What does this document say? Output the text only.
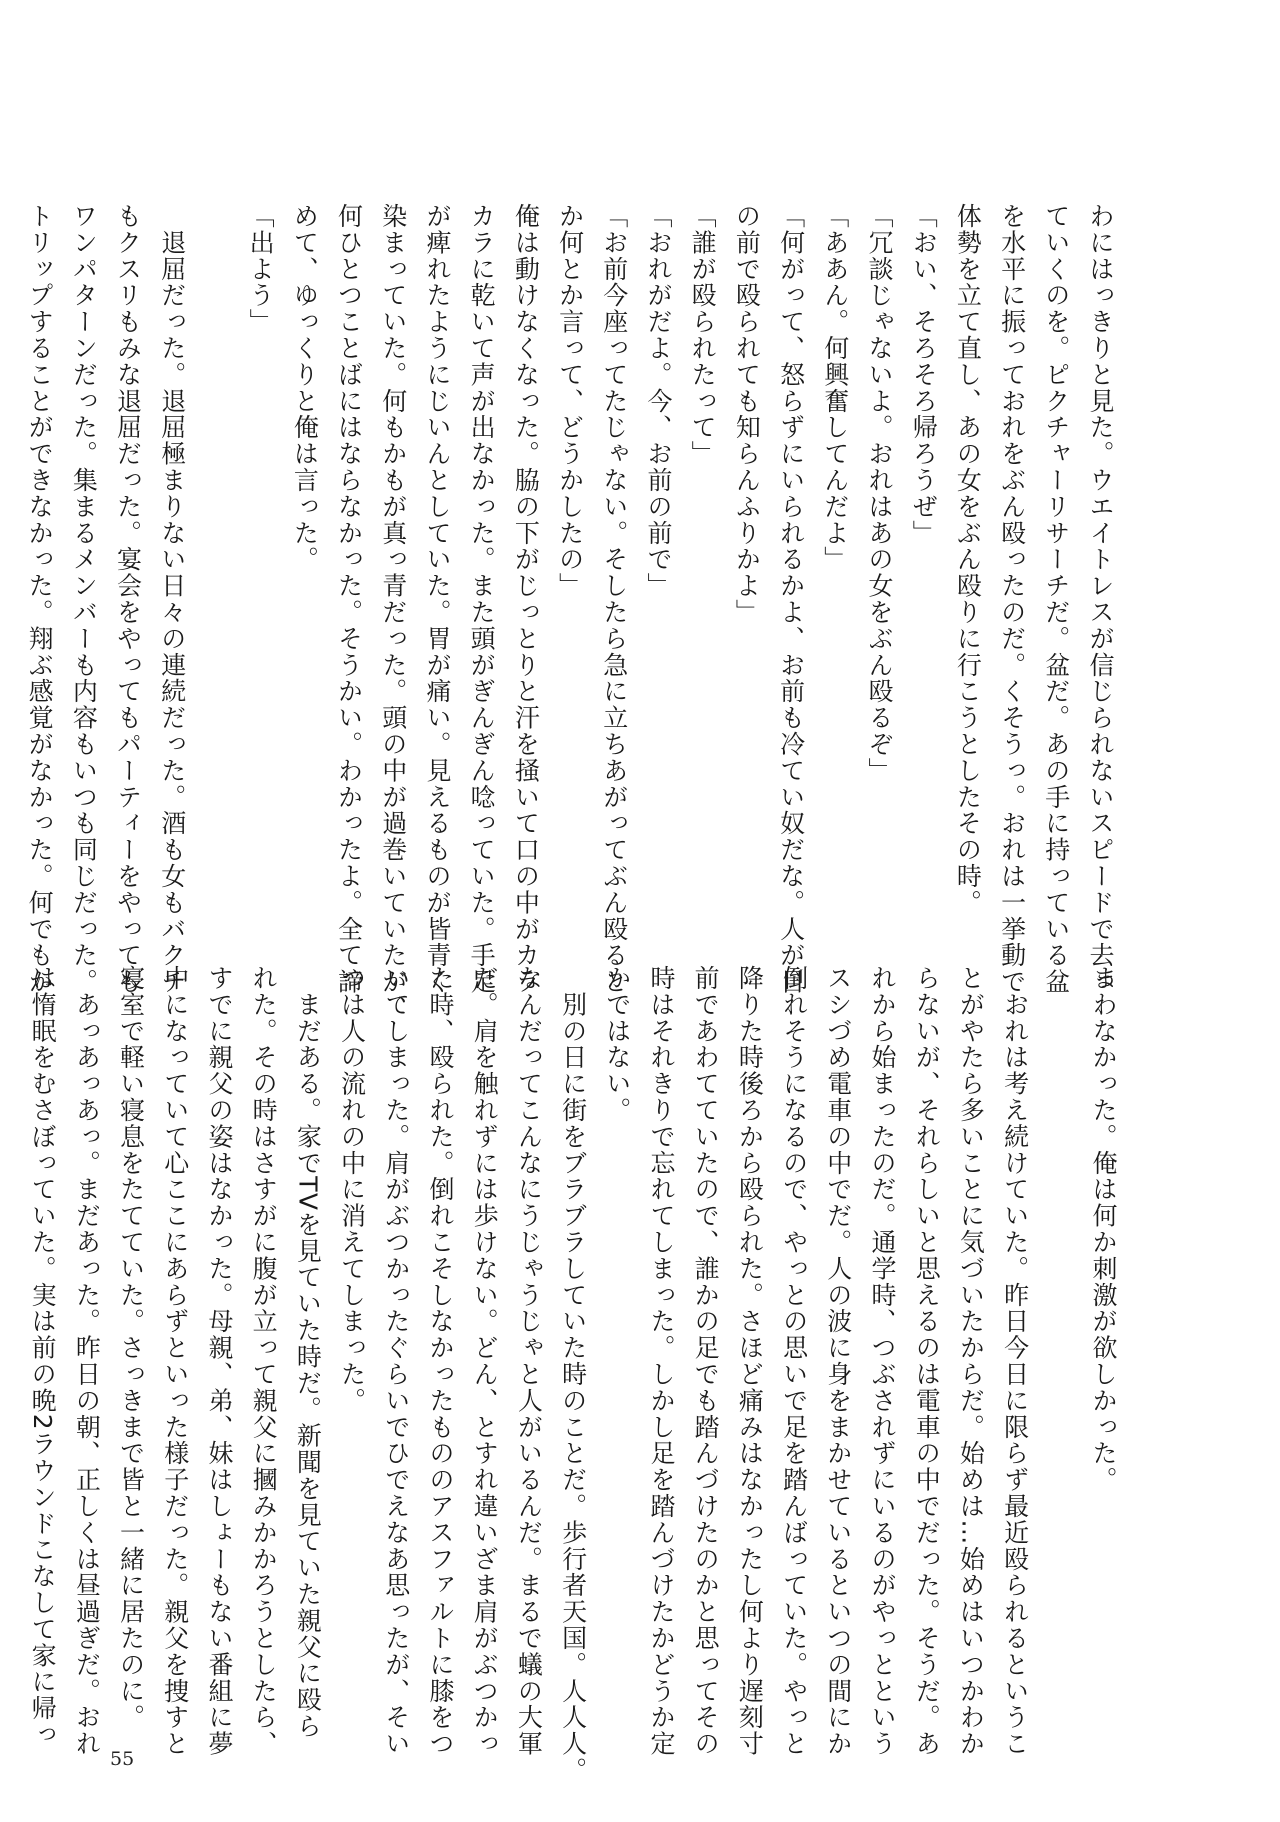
わにはっきりと見た。ウエイトレスが信じられないスピードで去っ
ていくのを。ピクチャーリサーチだ。盆だ。あの手に持っている盆
を水平に振っておれをぶん殴ったのだ。くそうっ。おれは一挙動で
体勢を立て直し、あの女をぶん殴りに行こうとしたその時。
「おい、そろそろ帰ろうぜ」
「冗談じゃないよ。おれはあの女をぶん殴るぞ」
「ああん。何興奮してんだよ」
「何がって、怒らずにいられるかよ、お前も冷てい奴だな。人が目
の前で殴られても知らんふりかよ」
「誰が殴られたって」
「おれがだよ。今、お前の前で」
「お前今座ってたじゃない。そしたら急に立ちあがってぶん殴ると
か何とか言って、どうかしたの」
俺は動けなくなった。脇の下がじっとりと汗を掻いて口の中がカラ
カラに乾いて声が出なかった。また頭がぎんぎん唸っていた。手足
が痺れたようにじいんとしていた。胃が痛い。見えるものが皆青く
染まっていた。何もかもが真っ青だった。頭の中が過巻いていたが、
何ひとつことばにはならなかった。そうかい。わかったよ。全て諦
めて、ゆっくりと俺は言った。
「出よう」
　退屈だった。退屈極まりない日々の連続だった。酒も女もバクチ
もクスリもみな退屈だった。宴会をやってもパーティーをやっても
ワンパターンだった。集まるメンバーも内容もいつも同じだった。
トリップすることができなかった。翔ぶ感覚がなかった。何でもか
まわなかった。俺は何か刺激が欲しかった。
　おれは考え続けていた。昨日今日に限らず最近殴られるというこ
とがやたら多いことに気づいたからだ。始めは…始めはいつかわか
らないが、それらしいと思えるのは電車の中でだった。そうだ。あ
れから始まったのだ。通学時、つぶされずにいるのがやっとという
スシづめ電車の中でだ。人の波に身をまかせているといつの間にか
倒れそうになるので、やっとの思いで足を踏んばっていた。やっと
降りた時後ろから殴られた。さほど痛みはなかったし何より遅刻寸
前であわてていたので、誰かの足でも踏んづけたのかと思ってその
時はそれきりで忘れてしまった。しかし足を踏んづけたかどうか定
かではない。
　別の日に街をブラブラしていた時のことだ。歩行者天国。人人人。
なんだってこんなにうじゃうじゃと人がいるんだ。まるで蟻の大軍
だ。肩を触れずには歩けない。どん、とすれ違いざま肩がぶつかっ
た時、殴られた。倒れこそしなかったもののアスファルトに膝をつ
いてしまった。肩がぶつかったぐらいでひでえなあ思ったが、そい
つは人の流れの中に消えてしまった。
　まだある。家でTVを見ていた時だ。新聞を見ていた親父に殴ら
れた。その時はさすがに腹が立って親父に摑みかかろうとしたら、
すでに親父の姿はなかった。母親、弟、妹はしょーもない番組に夢
中になっていて心ここにあらずといった様子だった。親父を捜すと
寝室で軽い寝息をたてていた。さっきまで皆と一緒に居たのに。
　あっあっあっ。まだあった。昨日の朝、正しくは昼過ぎだ。おれ
は惰眠をむさぼっていた。実は前の晩2ラウンドこなして家に帰っ
55
